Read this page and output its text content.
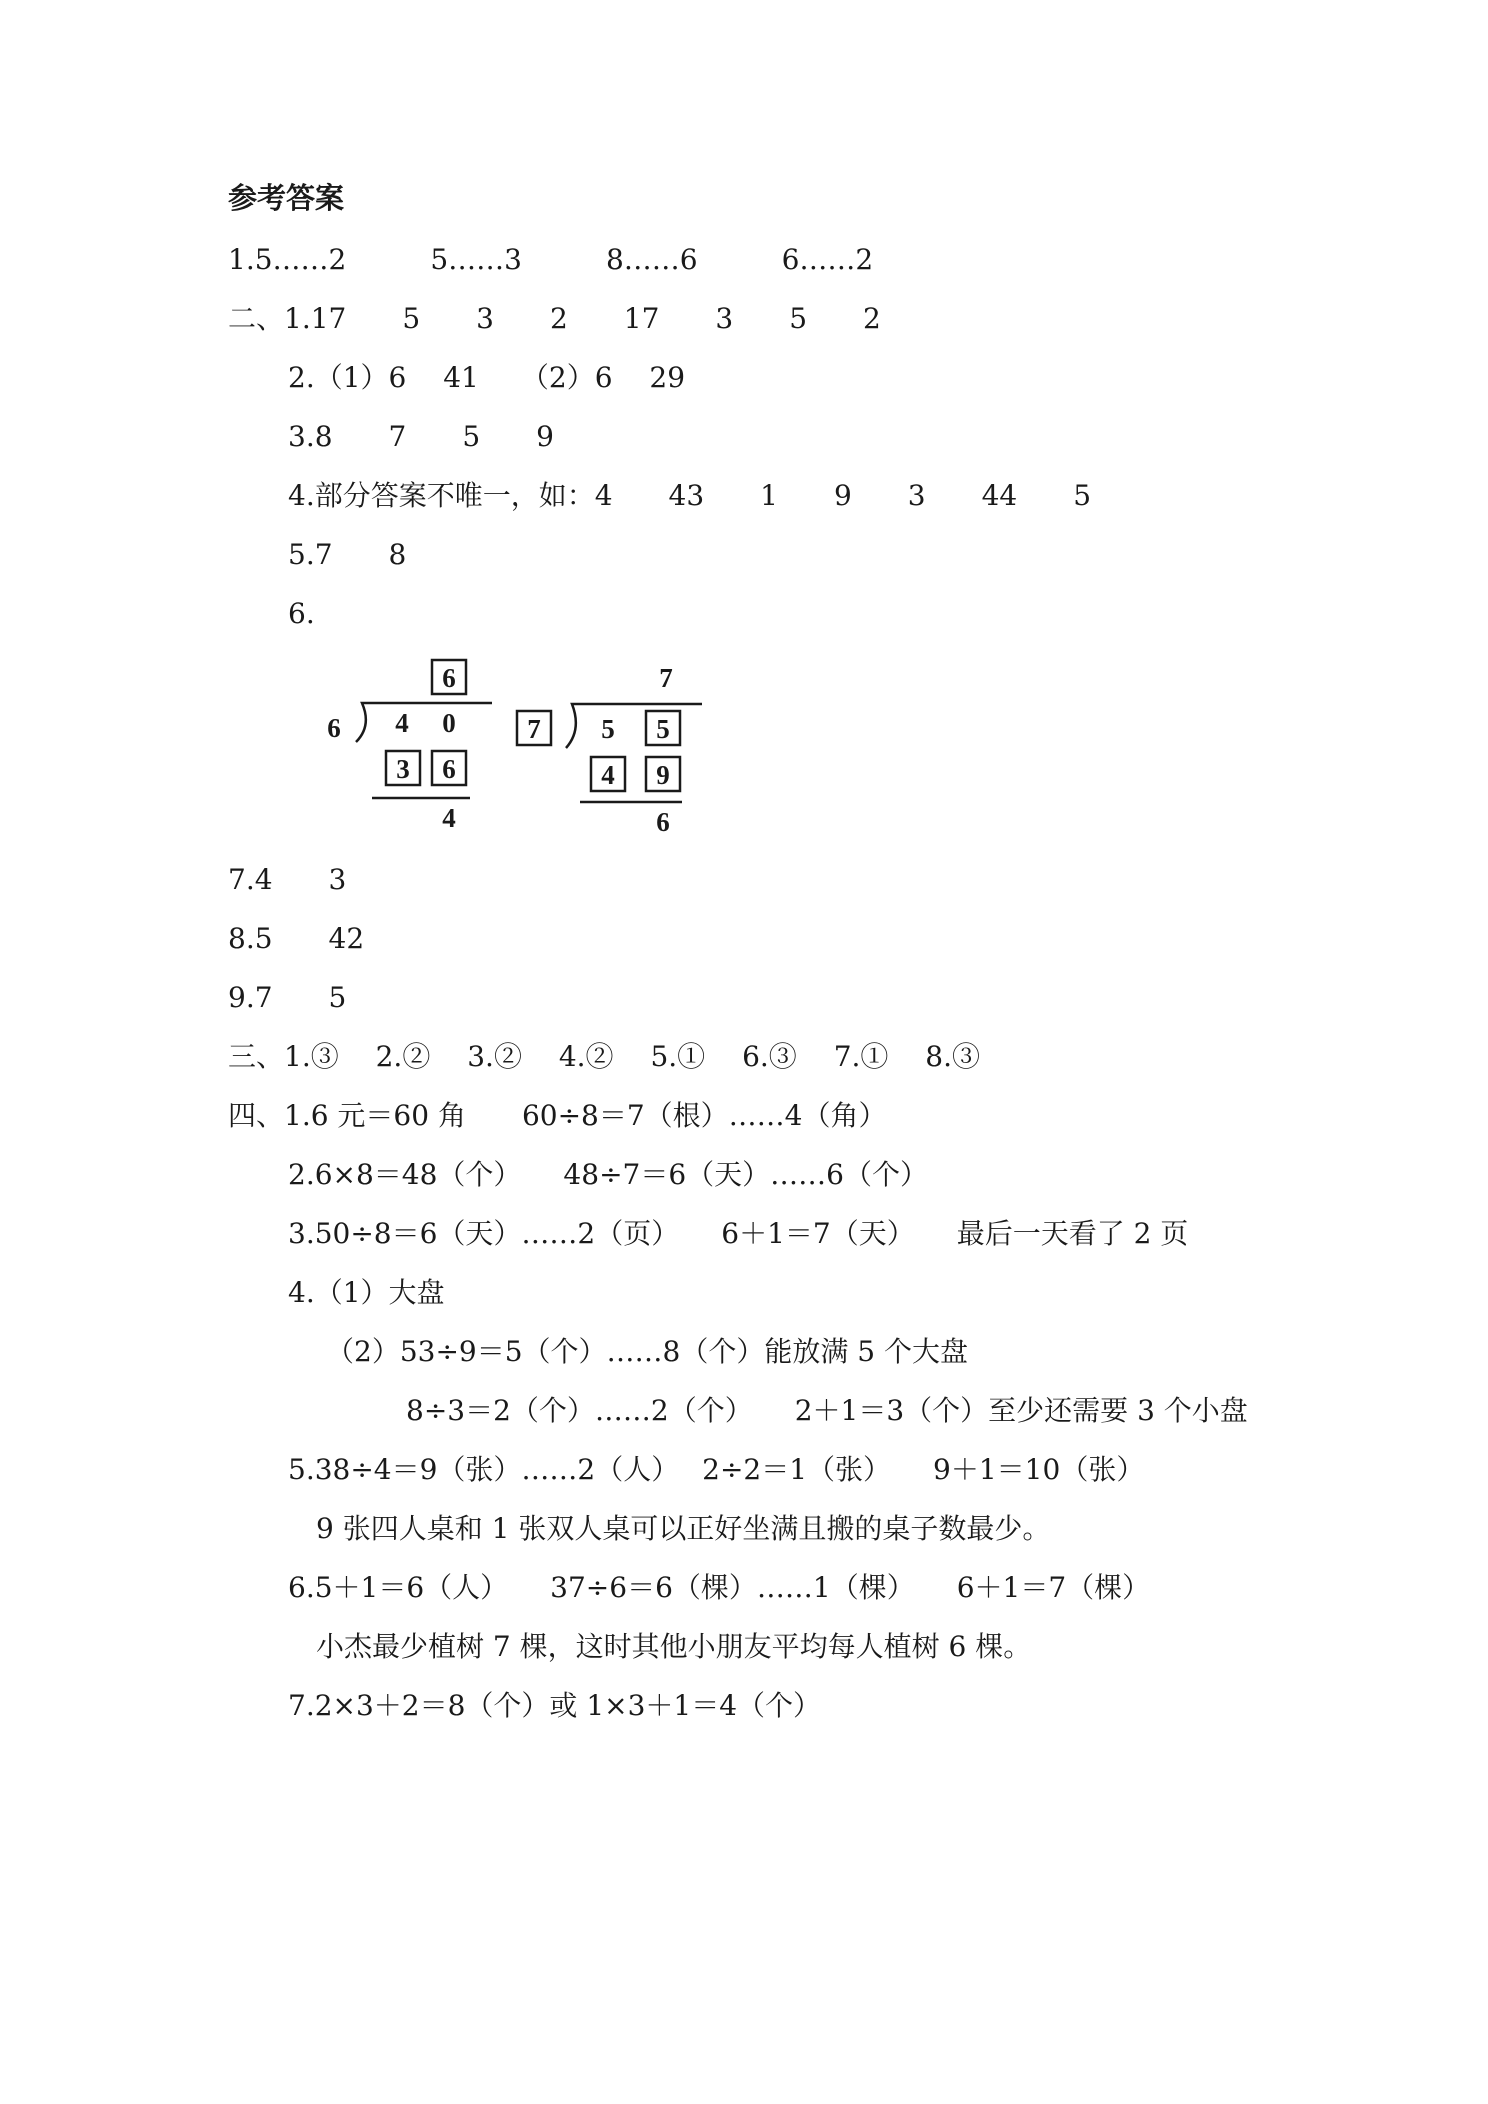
参考答案
1.5……2　　　5……3　　　8……6　　　6……2
二、1.17　　5　　3　　2　　17　　3　　5　　2
2.（1）6　 41　　（2）6　 29
3.8　　7　　5　　9
4.部分答案不唯一，如：4　　43　　1　　9　　3　　44　　5
5.7　　8
6.
6
6 4 0
3 6
4
7
7 5 5
4 9
6
7.4　　3
8.5　　42
9.7　　5
三、1.③　 2.②　 3.②　 4.②　 5.①　 6.③　 7.①　 8.③
四、1.6 元＝60 角　　60÷8＝7（根）……4（角）
2.6×8＝48（个）　　48÷7＝6（天）……6（个）
3.50÷8＝6（天）……2（页）　　6＋1＝7（天）　　最后一天看了 2 页
4.（1）大盘
（2）53÷9＝5（个）……8（个）能放满 5 个大盘
8÷3＝2（个）……2（个）　　2＋1＝3（个）至少还需要 3 个小盘
5.38÷4＝9（张）……2（人）　 2÷2＝1（张）　　9＋1＝10（张）
9 张四人桌和 1 张双人桌可以正好坐满且搬的桌子数最少。
6.5＋1＝6（人）　　37÷6＝6（棵）……1（棵）　　6＋1＝7（棵）
小杰最少植树 7 棵，这时其他小朋友平均每人植树 6 棵。
7.2×3＋2＝8（个）或 1×3＋1＝4（个）
